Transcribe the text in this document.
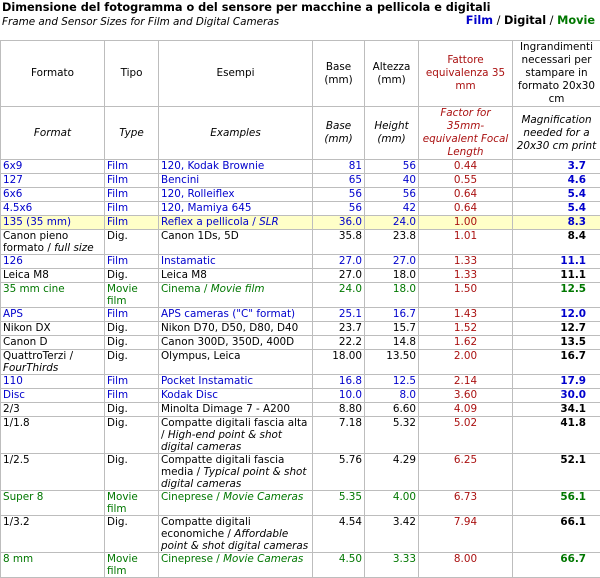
Dimensione del fotogramma o del sensore per macchine a pellicola e digitali
Frame and Sensor Sizes for Film and Digital Cameras	Film / Digital / Movie
Formato	Tipo	Esempi	Base (mm)	Altezza (mm)	Fattore equivalenza 35 mm	Ingrandimenti necessari per stampare in formato 20x30 cm
Format	Type	Examples	Base (mm)	Height (mm)	Factor for 35mm-equivalent Focal Length	Magnification needed for a 20x30 cm print
6x9	Film	120, Kodak Brownie	81	56	0.44	3.7
127	Film	Bencini	65	40	0.55	4.6
6x6	Film	120, Rolleiflex	56	56	0.64	5.4
4.5x6	Film	120, Mamiya 645	56	42	0.64	5.4
135 (35 mm)	Film	Reflex a pellicola / SLR	36.0	24.0	1.00	8.3
Canon pieno formato / full size	Dig.	Canon 1Ds, 5D	35.8	23.8	1.01	8.4
126	Film	Instamatic	27.0	27.0	1.33	11.1
Leica M8	Dig.	Leica M8	27.0	18.0	1.33	11.1
35 mm cine	Movie film	Cinema / Movie film	24.0	18.0	1.50	12.5
APS	Film	APS cameras ("C" format)	25.1	16.7	1.43	12.0
Nikon DX	Dig.	Nikon D70, D50, D80, D40	23.7	15.7	1.52	12.7
Canon D	Dig.	Canon 300D, 350D, 400D	22.2	14.8	1.62	13.5
QuattroTerzi / FourThirds	Dig.	Olympus, Leica	18.00	13.50	2.00	16.7
110	Film	Pocket Instamatic	16.8	12.5	2.14	17.9
Disc	Film	Kodak Disc	10.0	8.0	3.60	30.0
2/3	Dig.	Minolta Dimage 7 - A200	8.80	6.60	4.09	34.1
1/1.8	Dig.	Compatte digitali fascia alta / High-end point & shot digital cameras	7.18	5.32	5.02	41.8
1/2.5	Dig.	Compatte digitali fascia media / Typical point & shot digital cameras	5.76	4.29	6.25	52.1
Super 8	Movie film	Cineprese / Movie Cameras	5.35	4.00	6.73	56.1
1/3.2	Dig.	Compatte digitali economiche / Affordable point & shot digital cameras	4.54	3.42	7.94	66.1
8 mm	Movie film	Cineprese / Movie Cameras	4.50	3.33	8.00	66.7
